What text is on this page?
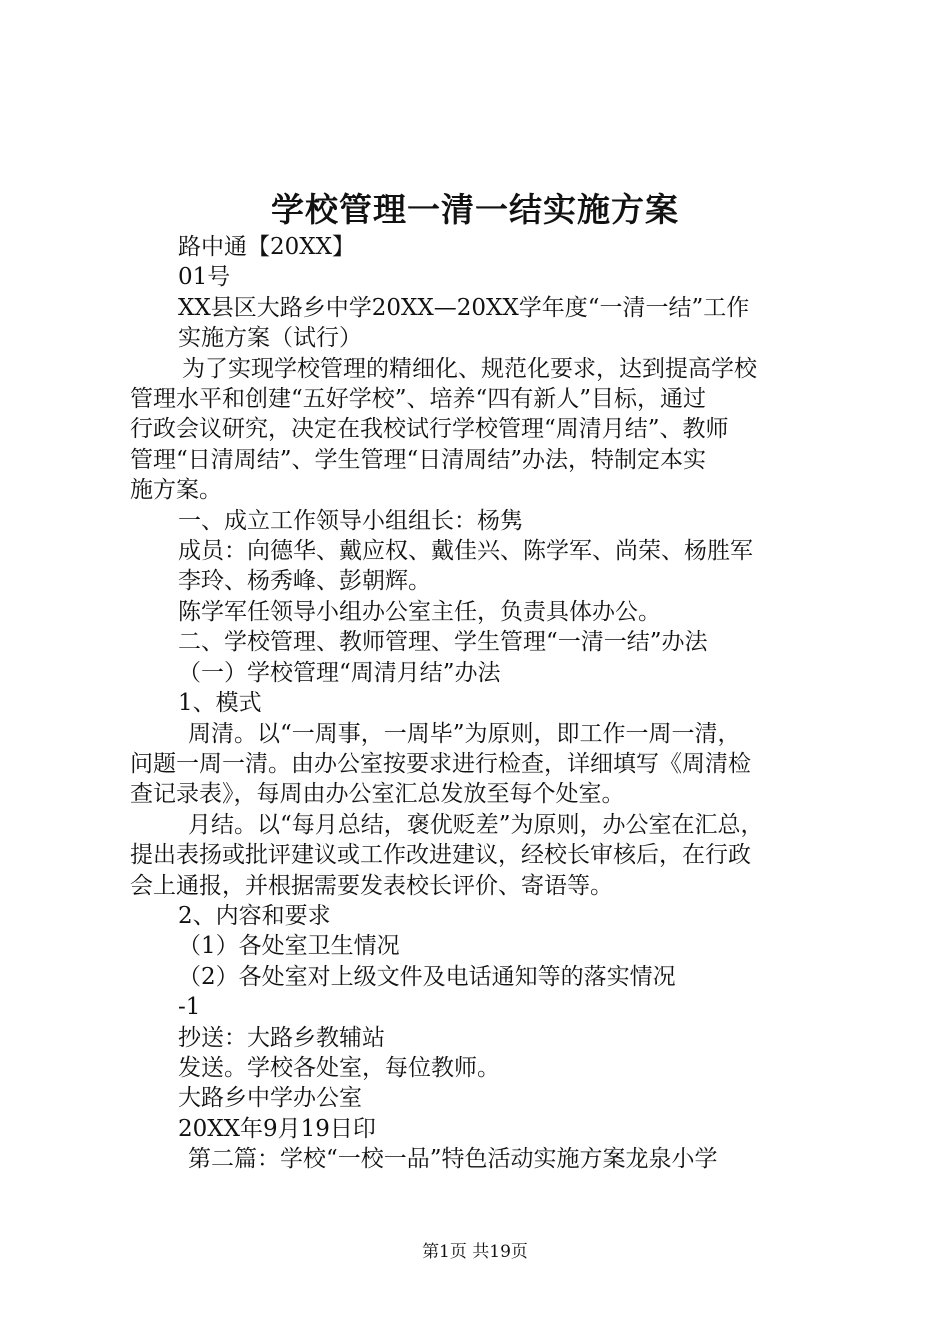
学校管理一清一结实施方案
路中通【20XX】
01号
XX县区大路乡中学20XX—20XX学年度“一清一结”工作
实施方案（试行）
为了实现学校管理的精细化、规范化要求，达到提高学校
管理水平和创建“五好学校”、培养“四有新人”目标，通过
行政会议研究，决定在我校试行学校管理“周清月结”、教师
管理“日清周结”、学生管理“日清周结”办法，特制定本实
施方案。
一、成立工作领导小组组长：杨隽
成员：向德华、戴应权、戴佳兴、陈学军、尚荣、杨胜军
李玲、杨秀峰、彭朝辉。
陈学军任领导小组办公室主任，负责具体办公。
二、学校管理、教师管理、学生管理“一清一结”办法
（一）学校管理“周清月结”办法
1、模式
周清。以“一周事，一周毕”为原则，即工作一周一清，
问题一周一清。由办公室按要求进行检查，详细填写《周清检
查记录表》，每周由办公室汇总发放至每个处室。
月结。以“每月总结，褒优贬差”为原则，办公室在汇总，
提出表扬或批评建议或工作改进建议，经校长审核后，在行政
会上通报，并根据需要发表校长评价、寄语等。
2、内容和要求
（1）各处室卫生情况
（2）各处室对上级文件及电话通知等的落实情况
-1
抄送：大路乡教辅站
发送。学校各处室，每位教师。
大路乡中学办公室
20XX年9月19日印
第二篇：学校“一校一品”特色活动实施方案龙泉小学
第1页 共19页
